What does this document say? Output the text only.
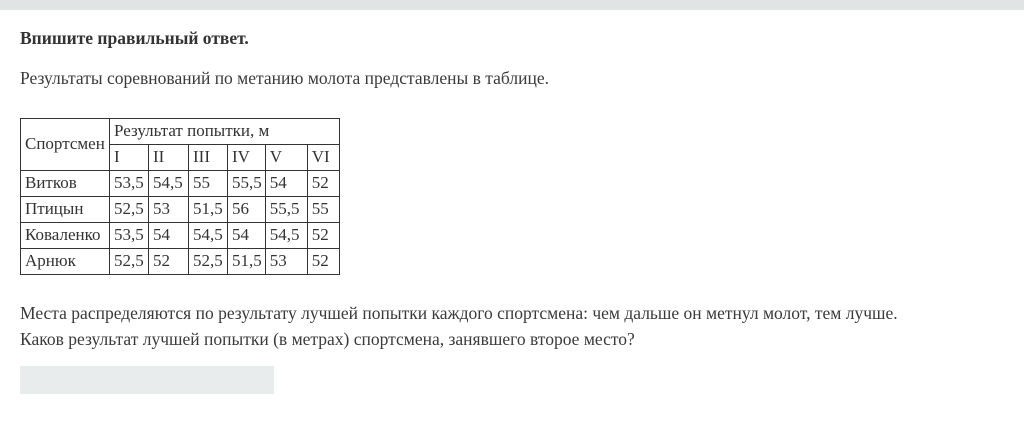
Впишите правильный ответ.
Результаты соревнований по метанию молота представлены в таблице.
Спортсмен	Результат попытки, м					
	I	II	III	IV	V	VI
Витков	53,5	54,5	55	55,5	54	52
Птицын	52,5	53	51,5	56	55,5	55
Коваленко	53,5	54	54,5	54	54,5	52
Арнюк	52,5	52	52,5	51,5	53	52
Места распределяются по результату лучшей попытки каждого спортсмена: чем дальше он метнул молот, тем лучше.
Каков результат лучшей попытки (в метрах) спортсмена, занявшего второе место?
